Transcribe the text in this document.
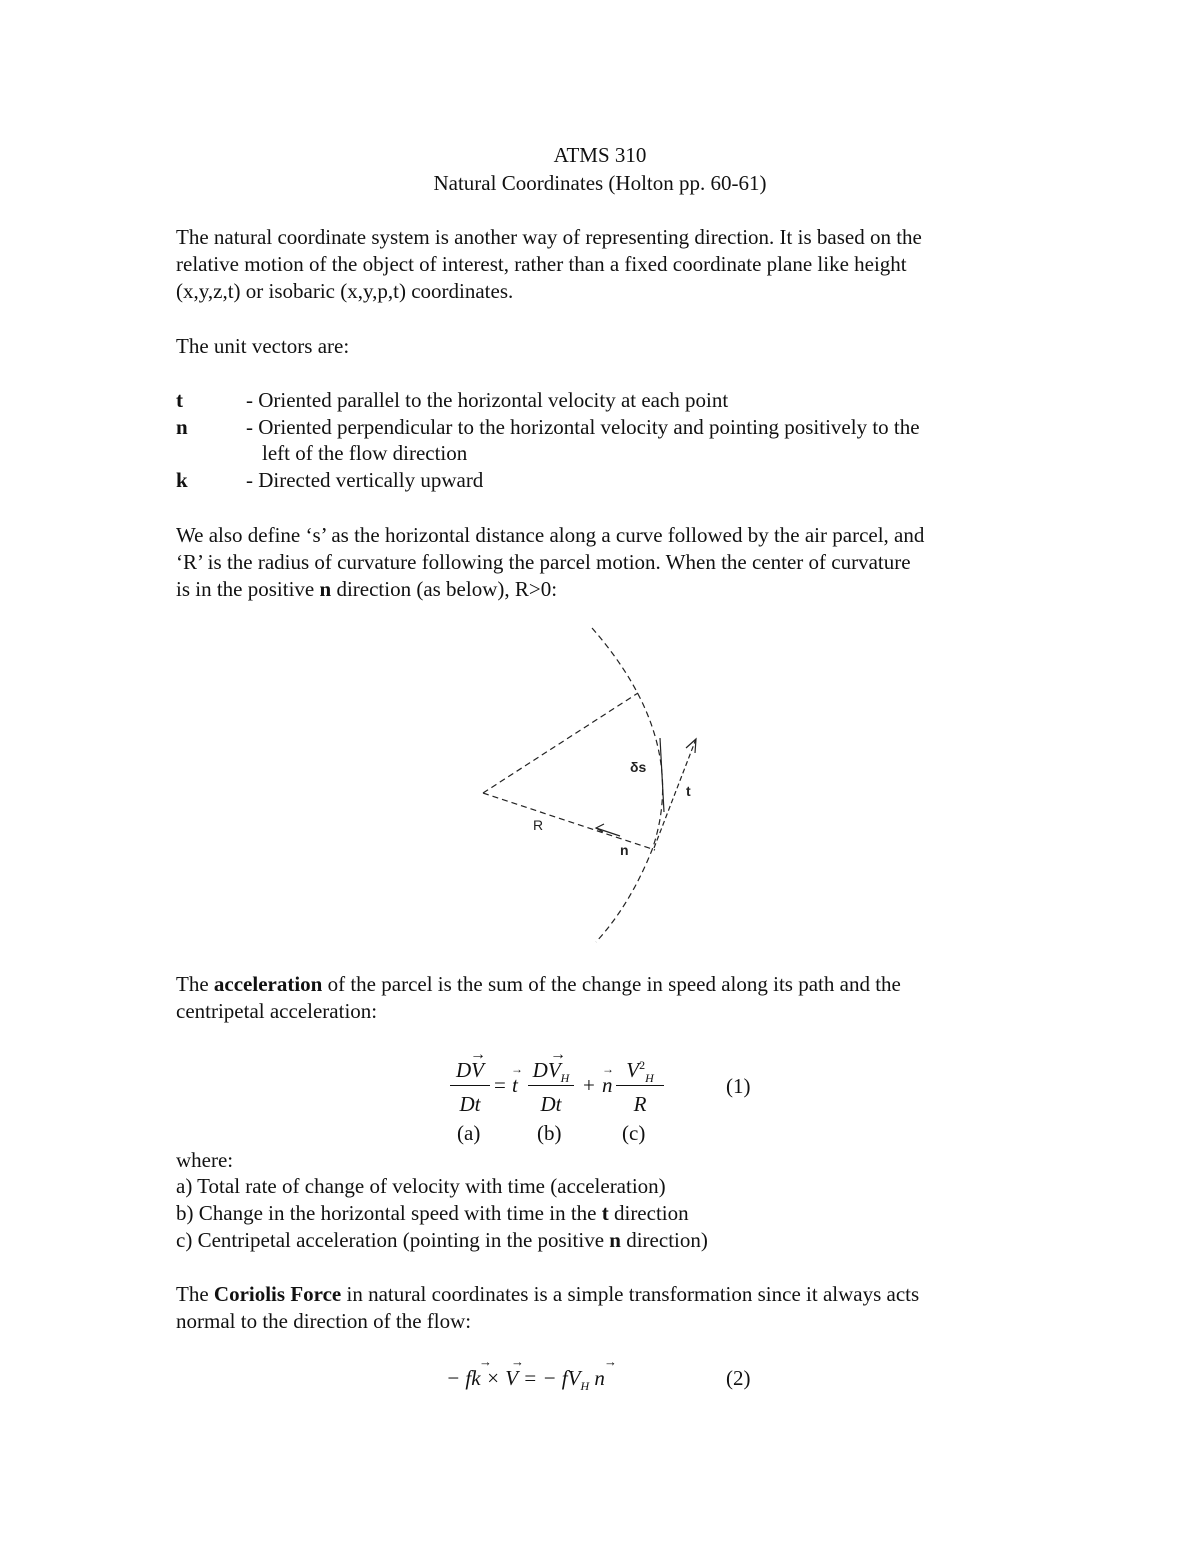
ATMS 310
Natural Coordinates (Holton pp. 60-61)
The natural coordinate system is another way of representing direction. It is based on the
relative motion of the object of interest, rather than a fixed coordinate plane like height
(x,y,z,t) or isobaric (x,y,p,t) coordinates.
The unit vectors are:
t	- Oriented parallel to the horizontal velocity at each point
n	- Oriented perpendicular to the horizontal velocity and pointing positively to the
left of the flow direction
k	- Directed vertically upward
We also define ‘s’ as the horizontal distance along a curve followed by the air parcel, and
‘R’ is the radius of curvature following the parcel motion. When the center of curvature
is in the positive n direction (as below), R>0:
δs
t
R
n
The acceleration of the parcel is the sum of the change in speed along its path and the
centripetal acceleration:
DV
→
Dt
= t
→ $DV_H$
→
Dt
+ n
→ $V^2_H$
R
(1)
(a)	(b)	(c)
where:
a) Total rate of change of velocity with time (acceleration)
b) Change in the horizontal speed with time in the t direction
c) Centripetal acceleration (pointing in the positive n direction)
The Coriolis Force in natural coordinates is a simple transformation since it always acts
normal to the direction of the flow:
− fk × V = − $fV_H$ n
→ →	→
(2)
